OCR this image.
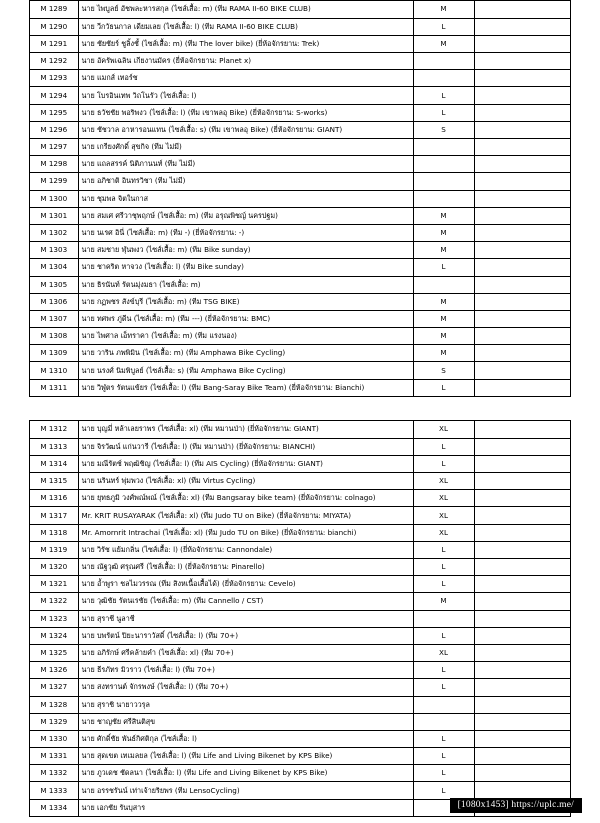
M 1289	นาย ไพบูลย์ อัชพละหารสกุล (ไซส์เสื้อ: m) (ทีม RAMA II-60 BIKE CLUB)	M	
M 1290	นาย วีกวัธนกาล เดียมเลย (ไซส์เสื้อ: l) (ทีม RAMA II-60 BIKE CLUB)	L	
M 1291	นาย ชัยชัยร์ ชูลิ้งชั้ (ไซส์เสื้อ: m) (ทีม The lover bike) (ยี่ห้อจักรยาน: Trek)	M	
M 1292	นาย อัครัพเฉลิน เกียงานมัคร (ยี่ห้อจักรยาน: Planet x)		
M 1293	นาย แมกส์ เทอร์ช		
M 1294	นาย โบรอินเทพ วิถโนรัว (ไซส์เสื้อ: l)	L	
M 1295	นาย ธวัชชัย พอริพงว (ไซส์เสื้อ: l) (ทีม เขาพลอุ Bike) (ยี่ห้อจักรยาน: S-works)	L	
M 1296	นาย ชัชวาล อาหารอนแทน (ไซส์เสื้อ: s) (ทีม เขาพลอุ Bike) (ยี่ห้อจักรยาน: GIANT)	S	
M 1297	นาย เกรียงศักดิ์ สุขกิจ (ทีม ไม่มี)		
M 1298	นาย แถลสรรค์ นิติภานนท์ (ทีม ไม่มี)		
M 1299	นาย อภิชาติ อินทรวิชา (ทีม ไม่มี)		
M 1300	นาย ชุมพล จิตในกาส		
M 1301	นาย สมเศ ศรีวาชุพฤกษ์ (ไซส์เสื้อ: m) (ทีม อรุณพิชญ์ นครปฐม)	M	
M 1302	นาย นเรศ อินี่ (ไซส์เสื้อ: m) (ทีม -) (ยี่ห้อจักรยาน: -)	M	
M 1303	นาย สมชาย ฬุ่นพงว (ไซส์เสื้อ: m) (ทีม Bike sunday)	M	
M 1304	นาย ชาคริต หาจวง (ไซส์เสื้อ: l) (ทีม Bike sunday)	L	
M 1305	นาย ธิรนันท์ รัตนมุ่งมธา (ไซส์เสื้อ: m)		
M 1306	นาย กฏพชร สังข์บุรี (ไซส์เสื้อ: m) (ทีม TSG BIKE)	M	
M 1307	นาย ทศพร ภู่ดีน (ไซส์เสื้อ: m) (ทีม ---) (ยี่ห้อจักรยาน: BMC)	M	
M 1308	นาย ไพศาล เอ็ทราคา (ไซส์เสื้อ: m) (ทีม แรงนอง)	M	
M 1309	นาย วาริน ภพพิมิน (ไซส์เสื้อ: m) (ทีม Amphawa Bike Cycling)	M	
M 1310	นาย นรงศ์ นิมพิบูลย์ (ไซส์เสื้อ: s) (ทีม Amphawa Bike Cycling)	S	
M 1311	นาย วิฬูตร รัตนแข้ยร (ไซส์เสื้อ: l) (ทีม Bang-Saray Bike Team) (ยี่ห้อจักรยาน: Bianchi)	L	
M 1312	นาย บุญมี่ หล้าเลยราพร (ไซส์เสื้อ: xl) (ทีม หมานป่า) (ยี่ห้อจักรยาน: GIANT)	XL	
M 1313	นาย จิรวัฒน์ แก่นวารี (ไซส์เสื้อ: l) (ทีม หมานป่า) (ยี่ห้อจักรยาน: BIANCHI)	L	
M 1314	นาย มณีรัตช์ พฤฒิชิญ (ไซส์เสื้อ: l) (ทีม AIS Cycling) (ยี่ห้อจักรยาน: GIANT)	L	
M 1315	นาย นรินทร์ พุ่มพวง (ไซส์เสื้อ: xl) (ทีม Virtus Cycling)	XL	
M 1316	นาย ยุทธภูมิ วงศ์พณ์พณ์ (ไซส์เสื้อ: xl) (ทีม Bangsaray bike team) (ยี่ห้อจักรยาน: colnago)	XL	
M 1317	Mr. KRIT RUSAYARAK (ไซส์เสื้อ: xl) (ทีม Judo TU on Bike) (ยี่ห้อจักรยาน: MIYATA)	XL	
M 1318	Mr. Amornrit Intrachai (ไซส์เสื้อ: xl) (ทีม Judo TU on Bike) (ยี่ห้อจักรยาน: bianchi)	XL	
M 1319	นาย วิรัช แย้มกลิ่น (ไซส์เสื้อ: l) (ยี่ห้อจักรยาน: Cannondale)	L	
M 1320	นาย ณัฐวุฒิ ศรุณศรี (ไซส์เสื้อ: l) (ยี่ห้อจักรยาน: Pinarello)	L	
M 1321	นาย อ้ำพูรา ชลไมวรรณ (ทีม สิงหเนื้อเสื้อได้) (ยี่ห้อจักรยาน: Cevelo)	L	
M 1322	นาย วุฒิชัย รัตนเรชัย (ไซส์เสื้อ: m) (ทีม Cannello / CST)	M	
M 1323	นาย สุราชี นูลาชี		
M 1324	นาย บพรัตน์ ปิยะนาราวัสดิ์ (ไซส์เสื้อ: l) (ทีม 70+)	L	
M 1325	นาย อภิรักษ์ ศรีคล้ายคำ (ไซส์เสื้อ: xl) (ทีม 70+)	XL	
M 1326	นาย ธีรภัทร มิวราว (ไซส์เสื้อ: l) (ทีม 70+)	L	
M 1327	นาย สงทรานต์ จักรพงษ์ (ไซส์เสื้อ: l) (ทีม 70+)	L	
M 1328	นาย สุราชิ นายาววรุล		
M 1329	นาย ชาญชัย ศรีสินติสุข		
M 1330	นาย ศักดิ์ชัย พันธ์กิศติกุล (ไซส์เสื้อ: l)	L	
M 1331	นาย สุดเขต เทเมลยล (ไซส์เสื้อ: l) (ทีม Life and Living Bikenet by KPS Bike)	L	
M 1332	นาย ภูวเดช ชัดลนา (ไซส์เสื้อ: l) (ทีม Life and Living Bikenet by KPS Bike)	L	
M 1333	นาย อรรชรันน์ เท่าเจ้ายริยพร (ทีม LensoCycling)	L	
M 1334	นาย เอกชัย รันบุสาร			[1080x1453] https://uplc.me/
